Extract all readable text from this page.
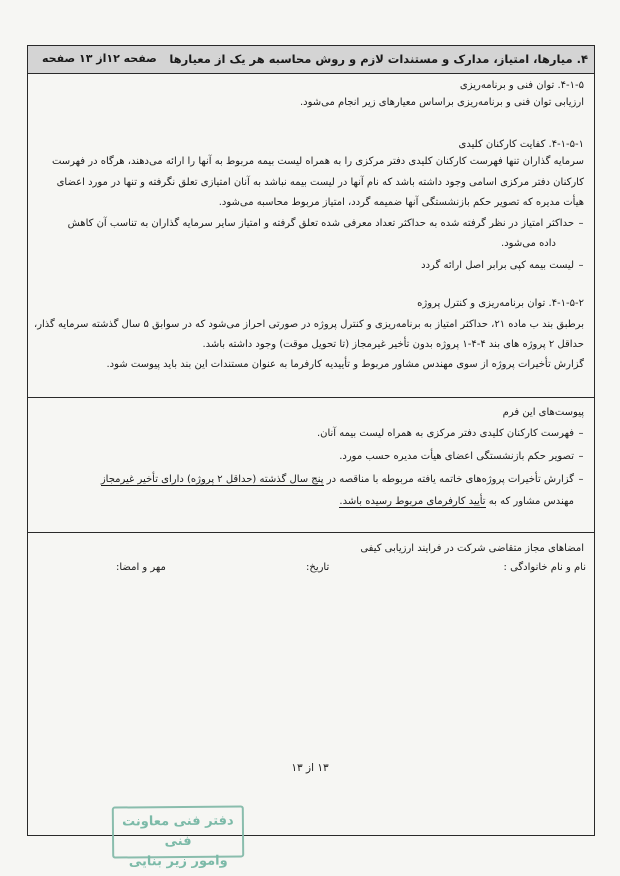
۴. میارها، امتیاز، مدارک و مستندات لازم و روش محاسبه هر یک از معیارها
صفحه ۱۲از ۱۳ صفحه
۴-۱-۵. توان فنی و برنامه‌ریزی
ارزیابی توان فنی و برنامه‌ریزی براساس معیارهای زیر انجام می‌شود.
۴-۱-۵-۱. کفایت کارکنان کلیدی
سرمایه گذاران تنها فهرست کارکنان کلیدی دفتر مرکزی را به همراه لیست بیمه مربوط به آنها را ارائه می‌دهند، هرگاه در فهرست
کارکنان دفتر مرکزی اسامی وجود داشته باشد که نام آنها در لیست بیمه نباشد به آنان امتیازی تعلق نگرفته و تنها در مورد اعضای
هیأت مدیره که تصویر حکم بازنشستگی آنها ضمیمه گردد، امتیاز مربوط محاسبه می‌شود.
–حداکثر امتیاز در نظر گرفته شده به حداکثر تعداد معرفی شده تعلق گرفته و امتیاز سایر سرمایه گذاران به تناسب آن کاهش
داده می‌شود.
–لیست بیمه کپی برابر اصل ارائه گردد
۴-۱-۵-۲. توان برنامه‌ریزی و کنترل پروژه
برطبق بند ب ماده ۲۱، حداکثر امتیاز به برنامه‌ریزی و کنترل پروژه در صورتی احراز می‌شود که در سوابق ۵ سال گذشته سرمایه گذار،
حداقل ۲ پروژه های بند ۴-۴-۱ پروژه بدون تأخیر غیرمجاز (تا تحویل موقت) وجود داشته باشد.
گزارش تأخیرات پروژه از سوی مهندس مشاور مربوط و تأییدیه کارفرما به عنوان مستندات این بند باید پیوست شود.
پیوست‌های این فرم
–فهرست کارکنان کلیدی دفتر مرکزی به همراه لیست بیمه آنان.
–تصویر حکم بازنشستگی اعضای هیأت مدیره حسب مورد.
–گزارش تأخیرات پروژه‌های خاتمه یافته مربوطه با مناقصه در پنج سال گذشته (حداقل ۲ پروژه) دارای تأخیر غیرمجاز
مهندس مشاور که به تأیید کارفرمای مربوط رسیده باشد.
امضاهای مجاز متقاضی شرکت در فرایند ارزیابی کیفی
نام و نام خانوادگی :
تاریخ:
مهر و امضا:
۱۳ از ۱۳
دفتر فنی معاونت فنی
وامور زیر بنایی
